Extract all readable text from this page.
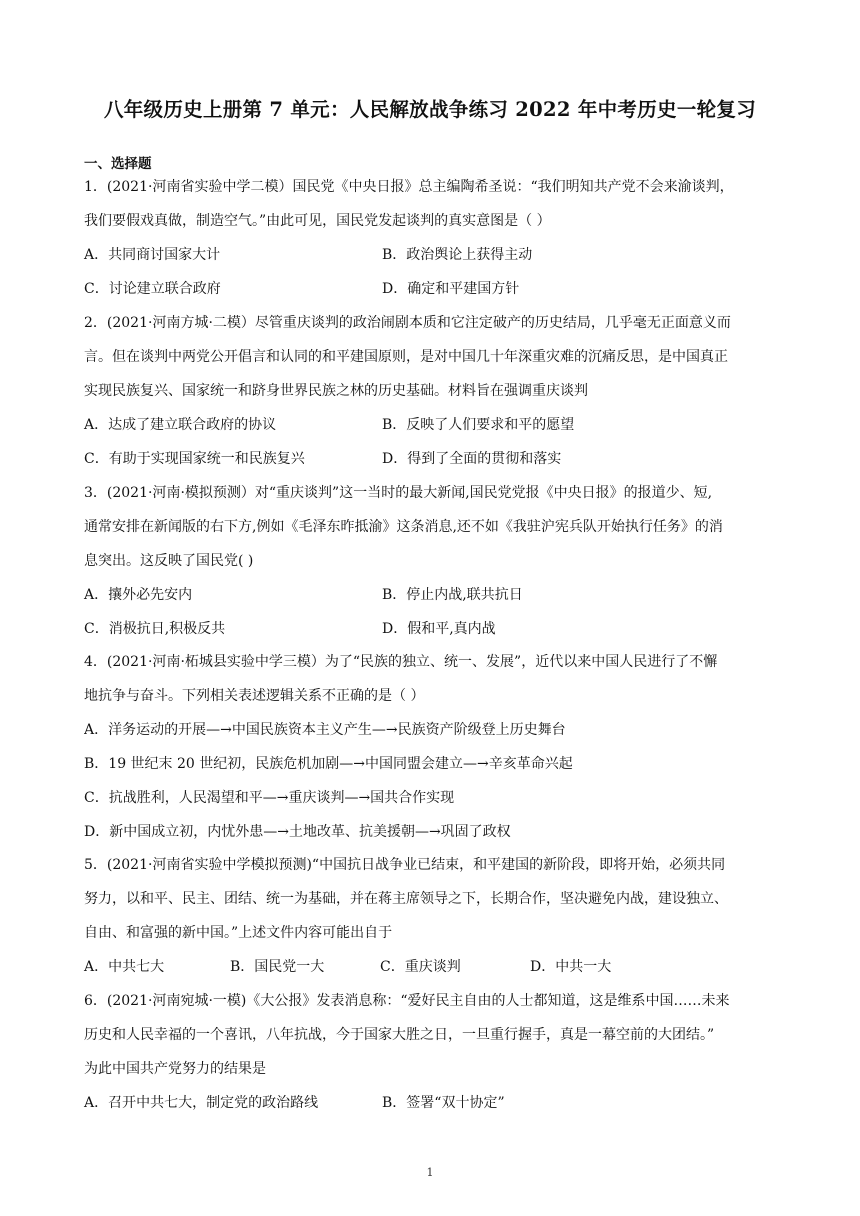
八年级历史上册第 7 单元：人民解放战争练习 2022 年中考历史一轮复习
一、选择题
1．(2021·河南省实验中学二模）国民党《中央日报》总主编陶希圣说：“我们明知共产党不会来渝谈判，
我们要假戏真做，制造空气。”由此可见，国民党发起谈判的真实意图是（ ）
A．共同商讨国家大计	B．政治舆论上获得主动
C．讨论建立联合政府	D．确定和平建国方针
2．(2021·河南方城·二模）尽管重庆谈判的政治闹剧本质和它注定破产的历史结局，几乎毫无正面意义而
言。但在谈判中两党公开倡言和认同的和平建国原则，是对中国几十年深重灾难的沉痛反思，是中国真正
实现民族复兴、国家统一和跻身世界民族之林的历史基础。材料旨在强调重庆谈判
A．达成了建立联合政府的协议	B．反映了人们要求和平的愿望
C．有助于实现国家统一和民族复兴	D．得到了全面的贯彻和落实
3．(2021·河南·模拟预测）对“重庆谈判”这一当时的最大新闻,国民党党报《中央日报》的报道少、短,
通常安排在新闻版的右下方,例如《毛泽东昨抵渝》这条消息,还不如《我驻沪宪兵队开始执行任务》的消
息突出。这反映了国民党( )
A．攘外必先安内	B．停止内战,联共抗日
C．消极抗日,积极反共	D．假和平,真内战
4．(2021·河南·柘城县实验中学三模）为了“民族的独立、统一、发展”，近代以来中国人民进行了不懈
地抗争与奋斗。下列相关表述逻辑关系不正确的是（ ）
A．洋务运动的开展—→中国民族资本主义产生—→民族资产阶级登上历史舞台
B．19 世纪末 20 世纪初，民族危机加剧—→中国同盟会建立—→辛亥革命兴起
C．抗战胜利，人民渴望和平—→重庆谈判—→国共合作实现
D．新中国成立初，内忧外患—→土地改革、抗美援朝—→巩固了政权
5．(2021·河南省实验中学模拟预测)“中国抗日战争业已结束，和平建国的新阶段，即将开始，必须共同
努力，以和平、民主、团结、统一为基础，并在蒋主席领导之下，长期合作，坚决避免内战，建设独立、
自由、和富强的新中国。”上述文件内容可能出自于
A．中共七大	B．国民党一大	C．重庆谈判	D．中共一大
6．(2021·河南宛城·一模)《大公报》发表消息称：“爱好民主自由的人士都知道，这是维系中国……未来
历史和人民幸福的一个喜讯，八年抗战，今于国家大胜之日，一旦重行握手，真是一幕空前的大团结。”
为此中国共产党努力的结果是
A．召开中共七大，制定党的政治路线	B．签署“双十协定”
1
